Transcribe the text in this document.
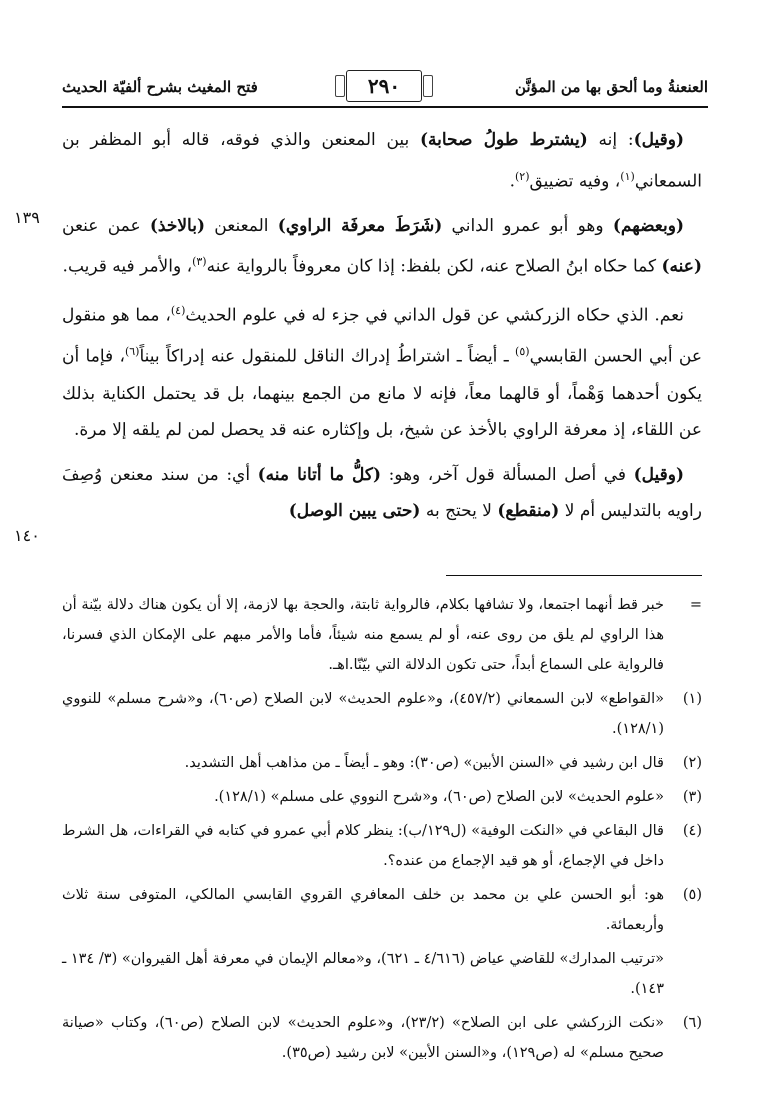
العنعنةُ وما ألحق بها من المؤنَّن
٢٩٠
فتح المغيث بشرح ألفيّة الحديث
١٣٩
١٤٠

(وقيل): إنه (يشترط طولُ صحابة) بين المعنعن والذي فوقه، قاله أبو المظفر بن السمعاني$^{(١)}$، وفيه تضييق$^{(٢)}$.

(وبعضهم) وهو أبو عمرو الداني (شَرَطَ معرفَة الراوي) المعنعن (بالاخذ) عمن عنعن (عنه) كما حكاه ابنُ الصلاح عنه، لكن بلفظ: إذا كان معروفاً بالرواية عنه$^{(٣)}$، والأمر فيه قريب.

نعم. الذي حكاه الزركشي عن قول الداني في جزء له في علوم الحديث$^{(٤)}$، مما هو منقول عن أبي الحسن القابسي$^{(٥)}$ ـ أيضاً ـ اشتراطُ إدراك الناقل للمنقول عنه إدراكاً بيناً$^{(٦)}$، فإما أن يكون أحدهما وَهْماً، أو قالهما معاً، فإنه لا مانع من الجمع بينهما، بل قد يحتمل الكناية بذلك عن اللقاء، إذ معرفة الراوي بالأخذ عن شيخ، بل وإكثاره عنه قد يحصل لمن لم يلقه إلا مرة.

(وقيل) في أصل المسألة قول آخر، وهو: (كلُّ ما أتانا منه) أي: من سند معنعن وُصِفَ راويه بالتدليس أم لا (منقطع) لا يحتج به (حتى يبين الوصل)

=
خبر قط أنهما اجتمعا، ولا تشافها بكلام، فالرواية ثابتة، والحجة بها لازمة، إلا أن يكون هناك دلالة بيّنة أن هذا الراوي لم يلق من روى عنه، أو لم يسمع منه شيئاً، فأما والأمر مبهم على الإمكان الذي فسرنا، فالرواية على السماع أبداً، حتى تكون الدلالة التي بيّنّا.اهـ.
(١)
«القواطع» لابن السمعاني (٤٥٧/٢)، و«علوم الحديث» لابن الصلاح (ص٦٠)، و«شرح مسلم» للنووي (١٢٨/١).
(٢)
قال ابن رشيد في «السنن الأبين» (ص٣٠): وهو ـ أيضاً ـ من مذاهب أهل التشديد.
(٣)
«علوم الحديث» لابن الصلاح (ص٦٠)، و«شرح النووي على مسلم» (١٢٨/١).
(٤)
قال البقاعي في «النكت الوفية» (ل١٢٩/ب): ينظر كلام أبي عمرو في كتابه في القراءات، هل الشرط داخل في الإجماع، أو هو قيد الإجماع من عنده؟.
(٥)
هو: أبو الحسن علي بن محمد بن خلف المعافري القروي القابسي المالكي، المتوفى سنة ثلاث وأربعمائة.
«ترتيب المدارك» للقاضي عياض (٤/٦١٦ ـ ٦٢١)، و«معالم الإيمان في معرفة أهل القيروان» (٣/ ١٣٤ ـ ١٤٣).
(٦)
«نكت الزركشي على ابن الصلاح» (٢٣/٢)، و«علوم الحديث» لابن الصلاح (ص٦٠)، وكتاب «صيانة صحيح مسلم» له (ص١٢٩)، و«السنن الأبين» لابن رشيد (ص٣٥).
